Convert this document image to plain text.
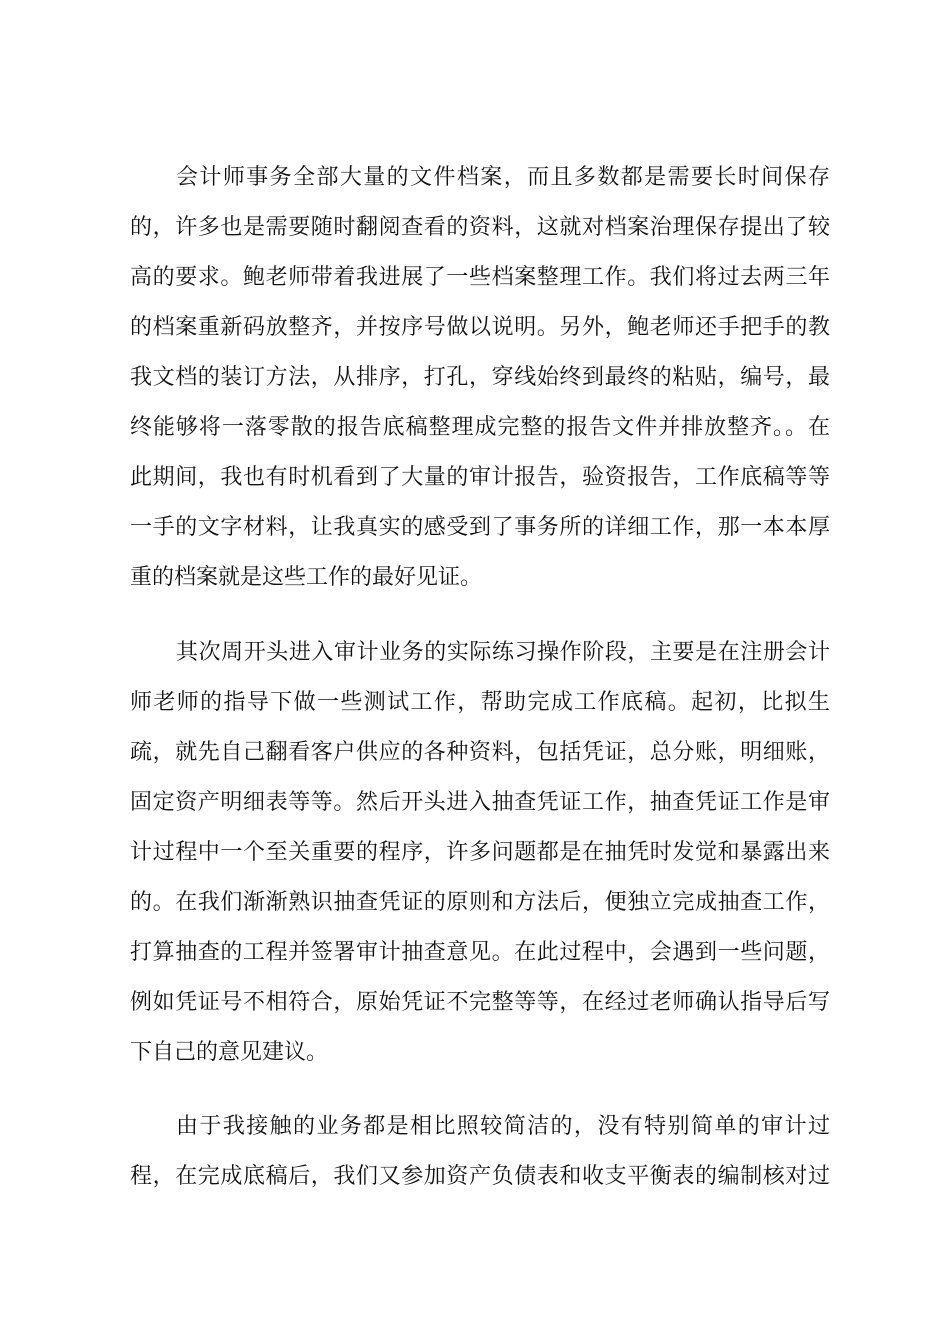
会计师事务全部大量的文件档案，而且多数都是需要长时间保存
的，许多也是需要随时翻阅查看的资料，这就对档案治理保存提出了较
高的要求。鲍老师带着我进展了一些档案整理工作。我们将过去两三年
的档案重新码放整齐，并按序号做以说明。另外，鲍老师还手把手的教
我文档的装订方法，从排序，打孔，穿线始终到最终的粘贴，编号，最
终能够将一落零散的报告底稿整理成完整的报告文件并排放整齐。。在
此期间，我也有时机看到了大量的审计报告，验资报告，工作底稿等等
一手的文字材料，让我真实的感受到了事务所的详细工作，那一本本厚
重的档案就是这些工作的最好见证。
其次周开头进入审计业务的实际练习操作阶段，主要是在注册会计
师老师的指导下做一些测试工作，帮助完成工作底稿。起初，比拟生
疏，就先自己翻看客户供应的各种资料，包括凭证，总分账，明细账，
固定资产明细表等等。然后开头进入抽查凭证工作，抽查凭证工作是审
计过程中一个至关重要的程序，许多问题都是在抽凭时发觉和暴露出来
的。在我们渐渐熟识抽查凭证的原则和方法后，便独立完成抽查工作，
打算抽查的工程并签署审计抽查意见。在此过程中，会遇到一些问题，
例如凭证号不相符合，原始凭证不完整等等，在经过老师确认指导后写
下自己的意见建议。
由于我接触的业务都是相比照较简洁的，没有特别简单的审计过
程，在完成底稿后，我们又参加资产负债表和收支平衡表的编制核对过
